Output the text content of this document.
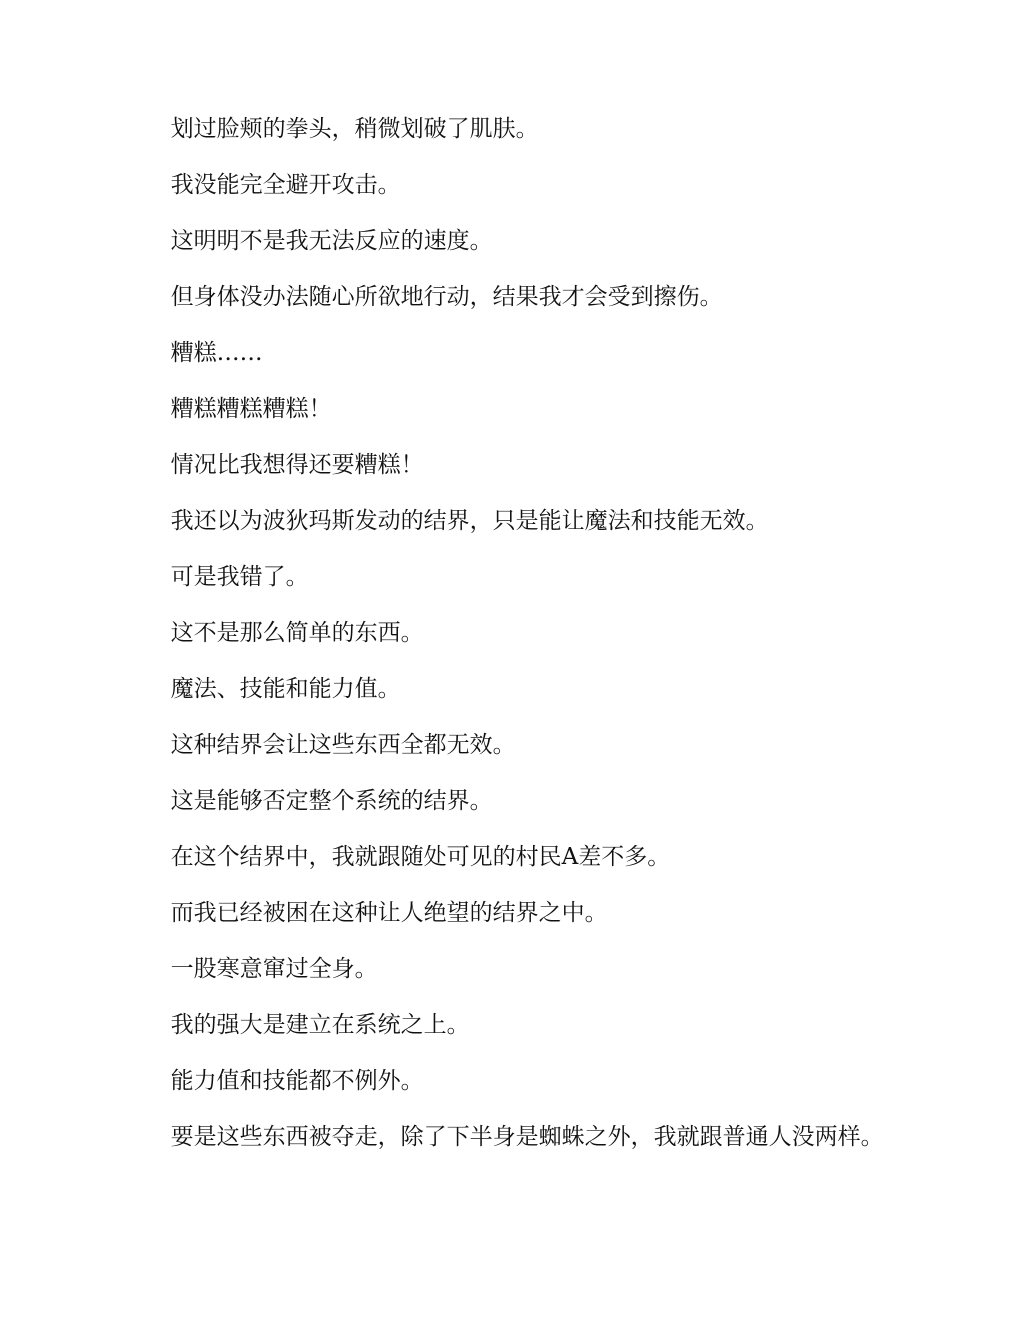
划过脸颊的拳头，稍微划破了肌肤。

我没能完全避开攻击。

这明明不是我无法反应的速度。

但身体没办法随心所欲地行动，结果我才会受到擦伤。

糟糕……

糟糕糟糕糟糕！

情况比我想得还要糟糕！

我还以为波狄玛斯发动的结界，只是能让魔法和技能无效。

可是我错了。

这不是那么简单的东西。

魔法、技能和能力值。

这种结界会让这些东西全都无效。

这是能够否定整个系统的结界。

在这个结界中，我就跟随处可见的村民A差不多。

而我已经被困在这种让人绝望的结界之中。

一股寒意窜过全身。

我的强大是建立在系统之上。

能力值和技能都不例外。

要是这些东西被夺走，除了下半身是蜘蛛之外，我就跟普通人没两样。
